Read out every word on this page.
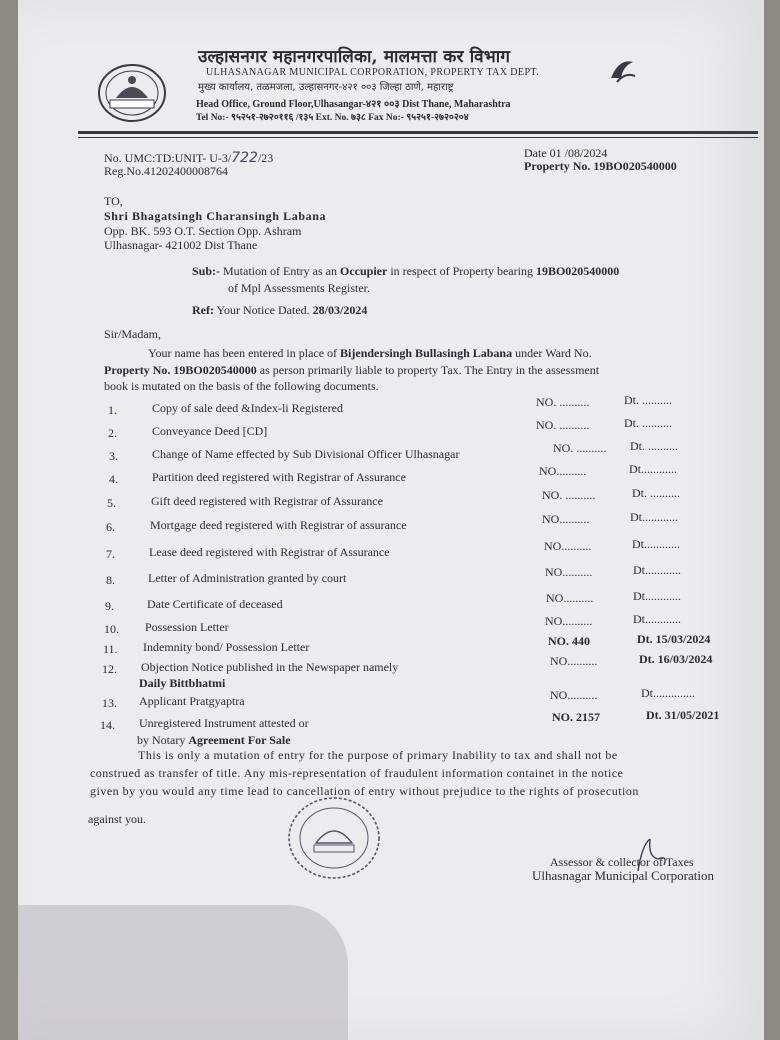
उल्हासनगर महानगरपालिका, मालमत्ता कर विभाग
ULHASANAGAR MUNICIPAL CORPORATION, PROPERTY TAX DEPT.
मुख्य कार्यालय, तळमजला, उल्हासनगर-४२१ ००३ जिल्हा ठाणे, महाराष्ट्र
Head Office, Ground Floor,Ulhasangar-४२१ ००३ Dist Thane, Maharashtra
Tel No:- ९५२५१-२७२०११६ /१३५ Ext. No. ७३८ Fax No:- ९५२५१-२७२०२०४
No. UMC:TD:UNIT- U-3/722/23
Reg.No.41202400008764
Date 01 /08/2024
Property No. 19BO020540000
TO,
Shri Bhagatsingh Charansingh Labana
Opp. BK. 593 O.T. Section Opp. Ashram
Ulhasnagar- 421002 Dist Thane
Sub:- Mutation of Entry as an Occupier in respect of Property bearing 19BO020540000
of Mpl Assessments Register.
Ref: Your Notice Dated. 28/03/2024
Sir/Madam,
Your name has been entered in place of Bijendersingh Bullasingh Labana under Ward No.
Property No. 19BO020540000 as person primarily liable to property Tax. The Entry in the assessment
book is mutated on the basis of the following documents.
1.	Copy of sale deed &Index-li Registered	NO. ..........	Dt. ..........
2.	Conveyance Deed [CD]	NO. ..........	Dt. ..........
3.	Change of Name effected by Sub Divisional Officer Ulhasnagar	NO. .......... Dt. ..........
4.	Partition deed registered with Registrar of Assurance	NO..........	Dt............
5.	Gift deed registered with Registrar of Assurance	NO. ..........	Dt. ..........
6.	Mortgage deed registered with Registrar of assurance	NO..........	Dt............
7.	Lease deed registered with Registrar of Assurance	NO..........	Dt............
8.	Letter of Administration granted by court	NO..........	Dt............
9.	Date Certificate of deceased	NO..........	Dt............
10. Possession Letter	NO..........	Dt............
11. Indemnity bond/ Possession Letter	NO. 440	Dt. 15/03/2024
12. Objection Notice published in the Newspaper namely	NO..........	Dt. 16/03/2024
Daily Bittbhatmi
13. Applicant Pratgyaptra	NO..........	Dt..............
14. Unregistered Instrument attested or	NO. 2157	Dt. 31/05/2021
by Notary Agreement For Sale
This is only a mutation of entry for the purpose of primary Inability to tax and shall not be
construed as transfer of title. Any mis-representation of fraudulent information containet in the notice
given by you would any time lead to cancellation of entry without prejudice to the rights of prosecution
against you.
Assessor & collector of Taxes
Ulhasnagar Municipal Corporation
